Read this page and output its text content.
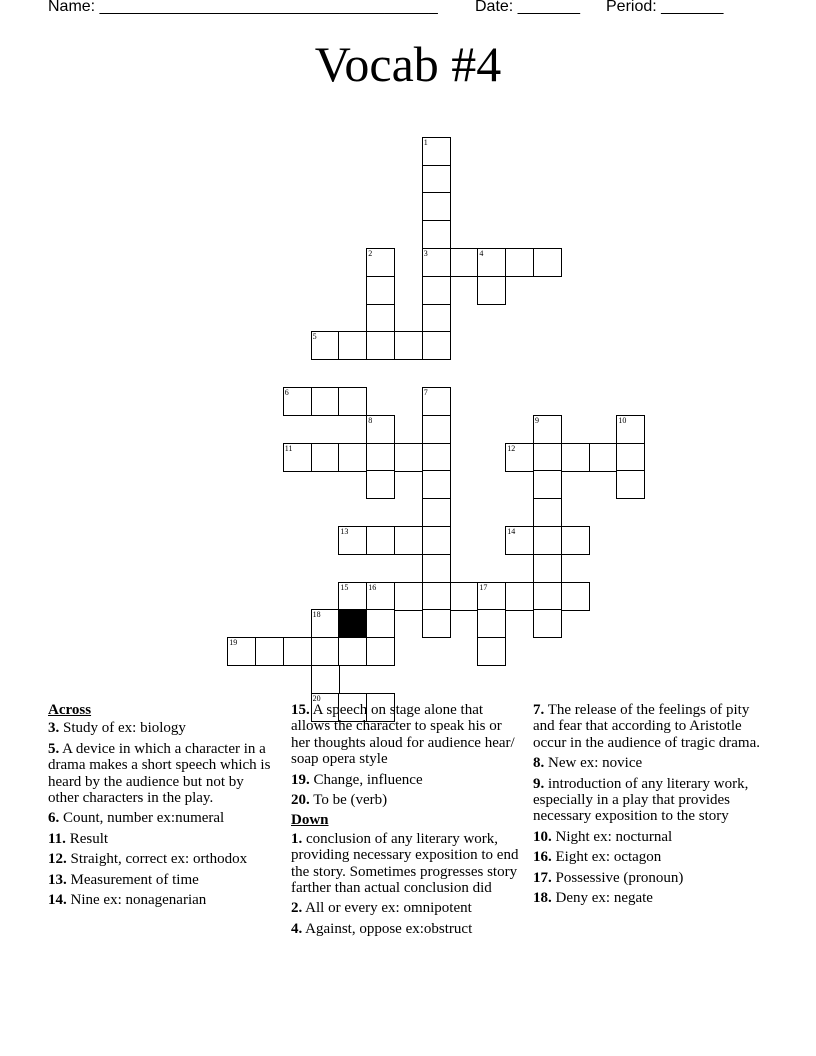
Name: ______________________________________ Date: _______ Period: _______
Vocab #4
1
2	3	4
5
6	7
8	9	10
11	12
13	14
15 16	17
18
19
20
Across
3. Study of ex: biology
5. A device in which a character in a drama makes a short speech which is heard by the audience but not by other characters in the play.
6. Count, number ex:numeral
11. Result
12. Straight, correct ex: orthodox
13. Measurement of time
14. Nine ex: nonagenarian
15. A speech on stage alone that allows the character to speak his or her thoughts aloud for audience hear/ soap opera style
19. Change, influence
20. To be (verb)
Down
1. conclusion of any literary work, providing necessary exposition to end the story. Sometimes progresses story farther than actual conclusion did
2. All or every ex: omnipotent
4. Against, oppose ex:obstruct
7. The release of the feelings of pity and fear that according to Aristotle occur in the audience of tragic drama.
8. New ex: novice
9. introduction of any literary work, especially in a play that provides necessary exposition to the story
10. Night ex: nocturnal
16. Eight ex: octagon
17. Possessive (pronoun)
18. Deny ex: negate
